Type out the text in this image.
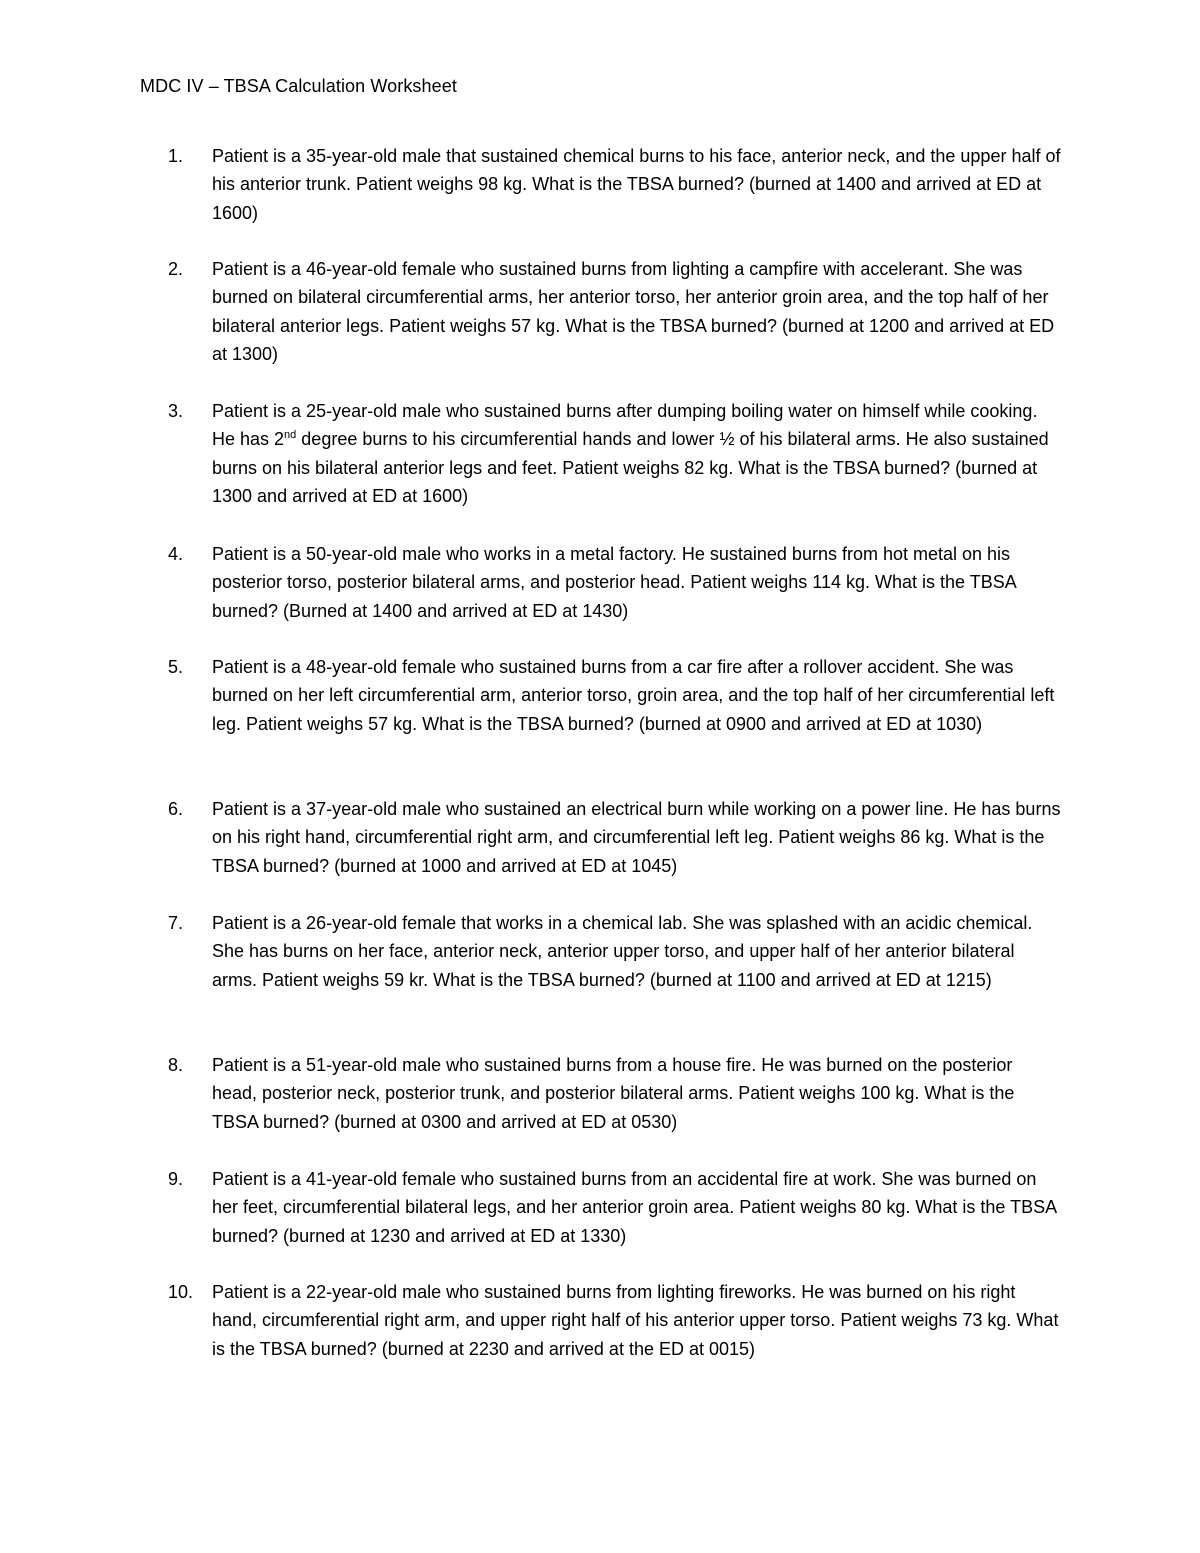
MDC IV – TBSA Calculation Worksheet
1.	Patient is a 35-year-old male that sustained chemical burns to his face, anterior neck, and the upper half of his anterior trunk. Patient weighs 98 kg. What is the TBSA burned? (burned at 1400 and arrived at ED at 1600)

2.	Patient is a 46-year-old female who sustained burns from lighting a campfire with accelerant. She was burned on bilateral circumferential arms, her anterior torso, her anterior groin area, and the top half of her bilateral anterior legs. Patient weighs 57 kg. What is the TBSA burned? (burned at 1200 and arrived at ED at 1300)

3.	Patient is a 25-year-old male who sustained burns after dumping boiling water on himself while cooking. He has 2nd degree burns to his circumferential hands and lower ½ of his bilateral arms. He also sustained burns on his bilateral anterior legs and feet. Patient weighs 82 kg. What is the TBSA burned? (burned at 1300 and arrived at ED at 1600)

4.	Patient is a 50-year-old male who works in a metal factory. He sustained burns from hot metal on his posterior torso, posterior bilateral arms, and posterior head. Patient weighs 114 kg. What is the TBSA burned? (Burned at 1400 and arrived at ED at 1430)

5.	Patient is a 48-year-old female who sustained burns from a car fire after a rollover accident. She was burned on her left circumferential arm, anterior torso, groin area, and the top half of her circumferential left leg. Patient weighs 57 kg. What is the TBSA burned? (burned at 0900 and arrived at ED at 1030)

6.	Patient is a 37-year-old male who sustained an electrical burn while working on a power line. He has burns on his right hand, circumferential right arm, and circumferential left leg. Patient weighs 86 kg. What is the TBSA burned? (burned at 1000 and arrived at ED at 1045)

7.	Patient is a 26-year-old female that works in a chemical lab. She was splashed with an acidic chemical. She has burns on her face, anterior neck, anterior upper torso, and upper half of her anterior bilateral arms. Patient weighs 59 kr. What is the TBSA burned? (burned at 1100 and arrived at ED at 1215)

8.	Patient is a 51-year-old male who sustained burns from a house fire. He was burned on the posterior head, posterior neck, posterior trunk, and posterior bilateral arms. Patient weighs 100 kg. What is the TBSA burned? (burned at 0300 and arrived at ED at 0530)

9.	Patient is a 41-year-old female who sustained burns from an accidental fire at work. She was burned on her feet, circumferential bilateral legs, and her anterior groin area. Patient weighs 80 kg. What is the TBSA burned? (burned at 1230 and arrived at ED at 1330)

10.	Patient is a 22-year-old male who sustained burns from lighting fireworks. He was burned on his right hand, circumferential right arm, and upper right half of his anterior upper torso. Patient weighs 73 kg. What is the TBSA burned? (burned at 2230 and arrived at the ED at 0015)
